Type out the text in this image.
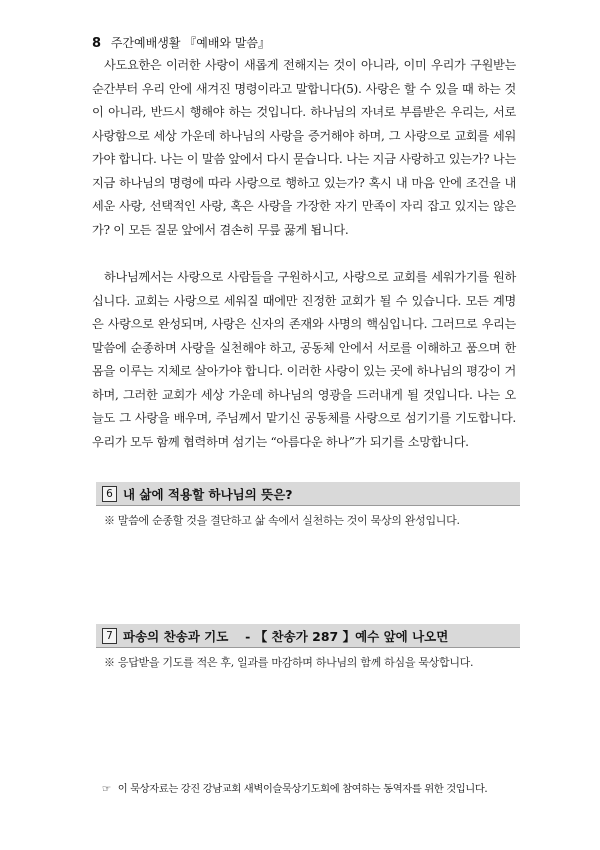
8 주간예배생활 『예배와 말씀』

사도요한은 이러한 사랑이 새롭게 전해지는 것이 아니라, 이미 우리가 구원받는 순간부터 우리 안에 새겨진 명령이라고 말합니다(5). 사랑은 할 수 있을 때 하는 것이 아니라, 반드시 행해야 하는 것입니다. 하나님의 자녀로 부름받은 우리는, 서로 사랑함으로 세상 가운데 하나님의 사랑을 증거해야 하며, 그 사랑으로 교회를 세워가야 합니다. 나는 이 말씀 앞에서 다시 묻습니다. 나는 지금 사랑하고 있는가? 나는 지금 하나님의 명령에 따라 사랑으로 행하고 있는가? 혹시 내 마음 안에 조건을 내세운 사랑, 선택적인 사랑, 혹은 사랑을 가장한 자기 만족이 자리 잡고 있지는 않은가? 이 모든 질문 앞에서 겸손히 무릎 꿇게 됩니다.

하나님께서는 사랑으로 사람들을 구원하시고, 사랑으로 교회를 세워가기를 원하십니다. 교회는 사랑으로 세워질 때에만 진정한 교회가 될 수 있습니다. 모든 계명은 사랑으로 완성되며, 사랑은 신자의 존재와 사명의 핵심입니다. 그러므로 우리는 말씀에 순종하며 사랑을 실천해야 하고, 공동체 안에서 서로를 이해하고 품으며 한 몸을 이루는 지체로 살아가야 합니다. 이러한 사랑이 있는 곳에 하나님의 평강이 거하며, 그러한 교회가 세상 가운데 하나님의 영광을 드러내게 될 것입니다. 나는 오늘도 그 사랑을 배우며, 주님께서 맡기신 공동체를 사랑으로 섬기기를 기도합니다. 우리가 모두 함께 협력하며 섬기는 “아름다운 하나”가 되기를 소망합니다.

6 내 삶에 적용할 하나님의 뜻은?
※ 말씀에 순종할 것을 결단하고 삶 속에서 실천하는 것이 묵상의 완성입니다.
7 파송의 찬송과 기도　 - 【 찬송가 287 】예수 앞에 나오면
※ 응답받을 기도를 적은 후, 일과를 마감하며 하나님의 함께 하심을 묵상합니다.
☞ 이 묵상자료는 강진 강남교회 새벽이슬묵상기도회에 참여하는 동역자를 위한 것입니다.
